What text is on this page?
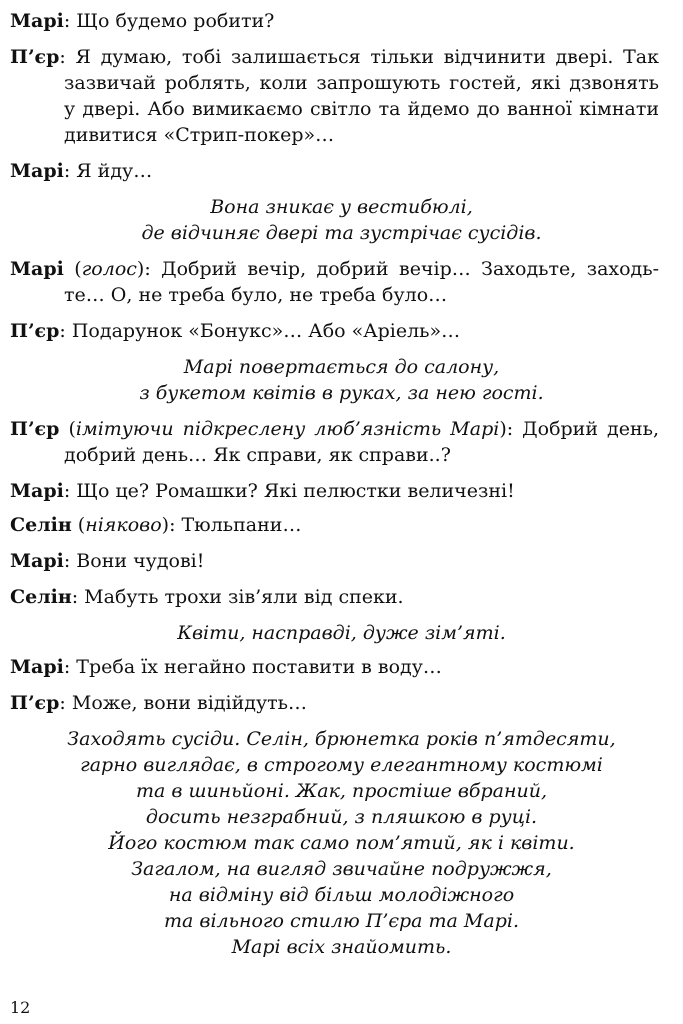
Марі: Що будемо робити?
П’єр: Я думаю, тобі залишається тільки відчинити двері. Так
зазвичай роблять, коли запрошують гостей, які дзвонять
у двері. Або вимикаємо світло та йдемо до ванної кімнати
дивитися «Стрип-покер»…
Марі: Я йду…
Вона зникає у вестибюлі,
де відчиняє двері та зустрічає сусідів.
Марі (голос): Добрий вечір, добрий вечір… Заходьте, заходь-
те… О, не треба було, не треба було…
П’єр: Подарунок «Бонукс»… Або «Аріель»…
Марі повертається до салону,
з букетом квітів в руках, за нею гості.
П’єр (імітуючи підкреслену люб’язність Марі): Добрий день,
добрий день… Як справи, як справи..?
Марі: Що це? Ромашки? Які пелюстки величезні!
Селін (ніяково): Тюльпани…
Марі: Вони чудові!
Селін: Мабуть трохи зів’яли від спеки.
Квіти, насправді, дуже зім’яті.
Марі: Треба їх негайно поставити в воду…
П’єр: Може, вони відійдуть…
Заходять сусіди. Селін, брюнетка років п’ятдесяти,
гарно виглядає, в строгому елегантному костюмі
та в шиньйоні. Жак, простіше вбраний,
досить незграбний, з пляшкою в руці.
Його костюм так само пом’ятий, як і квіти.
Загалом, на вигляд звичайне подружжя,
на відміну від більш молодіжного
та вільного стилю П’єра та Марі.
Марі всіх знайомить.
12
